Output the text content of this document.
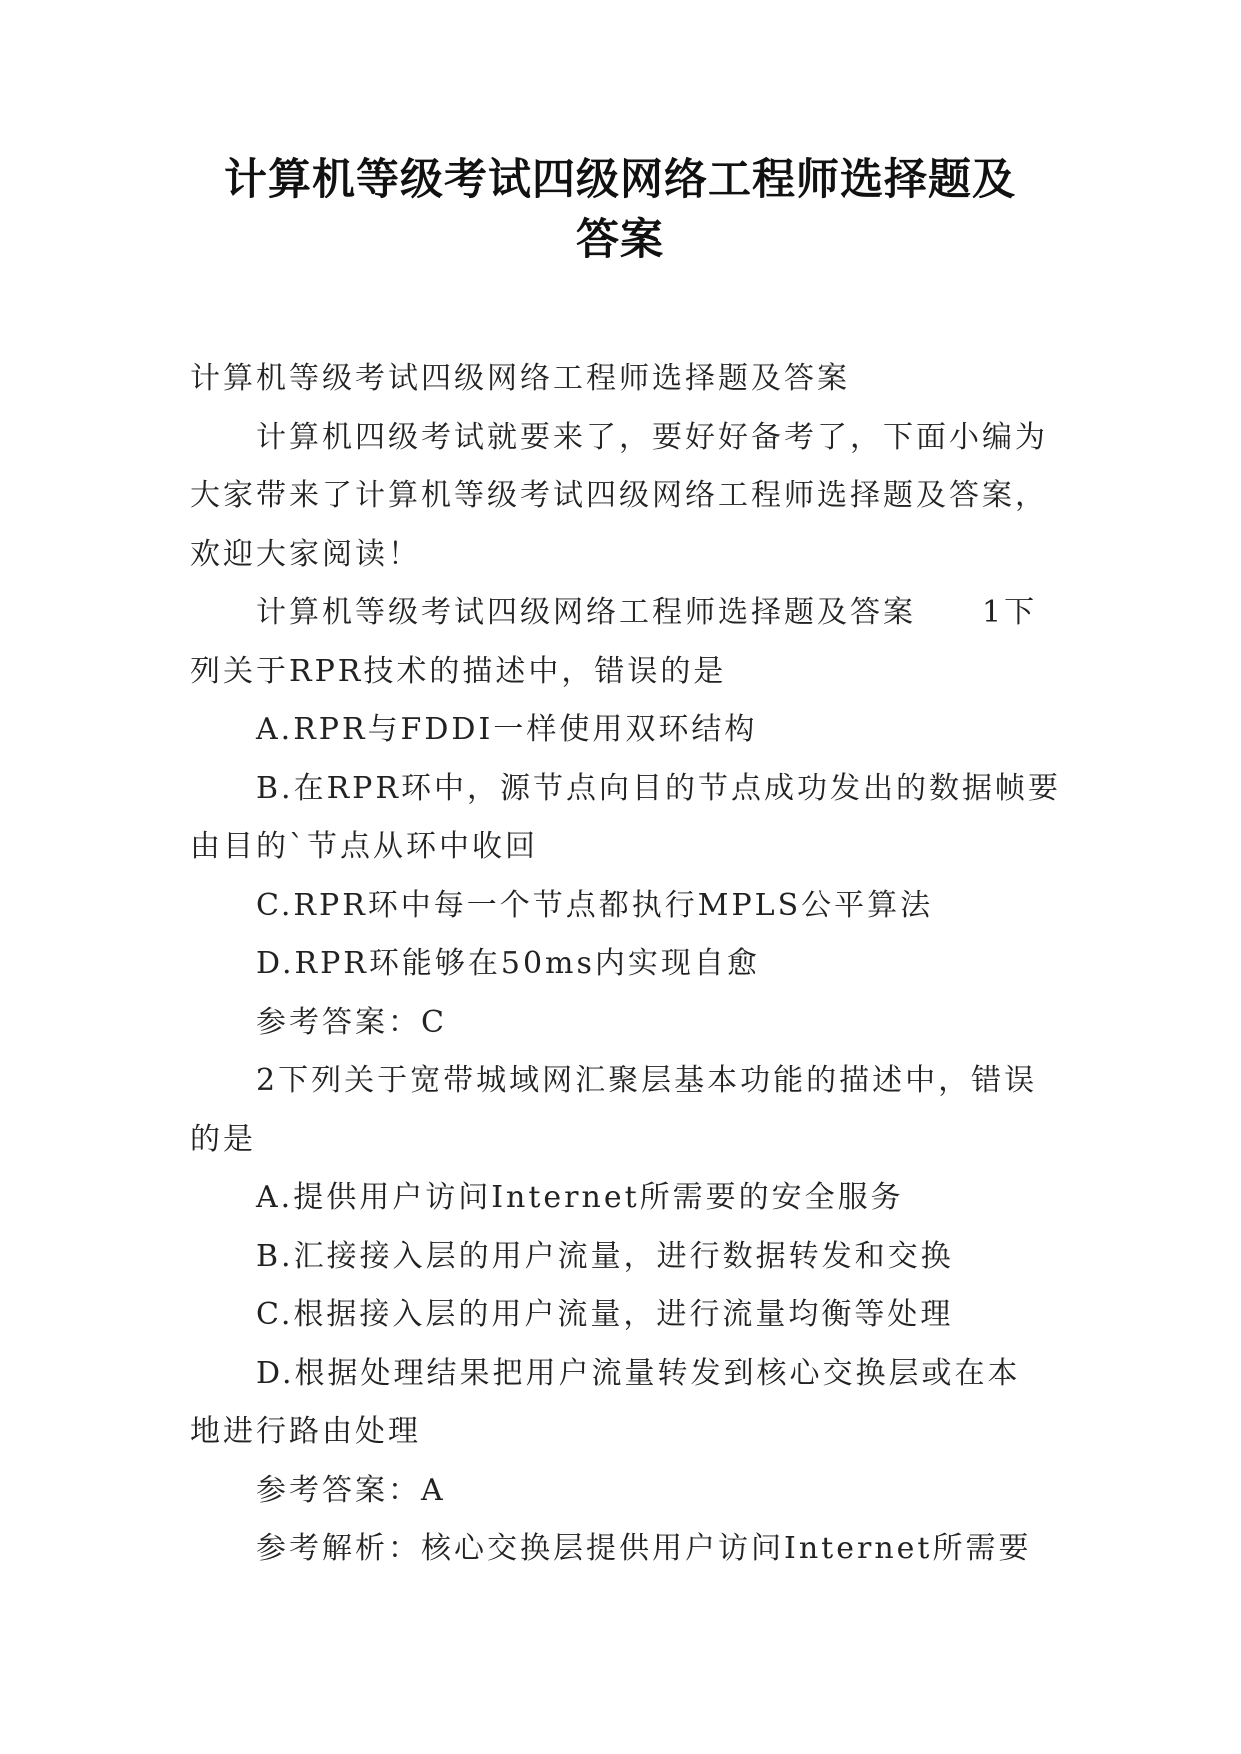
计算机等级考试四级网络工程师选择题及
答案
计算机等级考试四级网络工程师选择题及答案
计算机四级考试就要来了，要好好备考了，下面小编为
大家带来了计算机等级考试四级网络工程师选择题及答案，
欢迎大家阅读！
计算机等级考试四级网络工程师选择题及答案　　1下
列关于RPR技术的描述中，错误的是
A.RPR与FDDI一样使用双环结构
B.在RPR环中，源节点向目的节点成功发出的数据帧要
由目的`节点从环中收回
C.RPR环中每一个节点都执行MPLS公平算法
D.RPR环能够在50ms内实现自愈
参考答案：C
2下列关于宽带城域网汇聚层基本功能的描述中，错误
的是
A.提供用户访问Internet所需要的安全服务
B.汇接接入层的用户流量，进行数据转发和交换
C.根据接入层的用户流量，进行流量均衡等处理
D.根据处理结果把用户流量转发到核心交换层或在本
地进行路由处理
参考答案：A
参考解析：核心交换层提供用户访问Internet所需要
